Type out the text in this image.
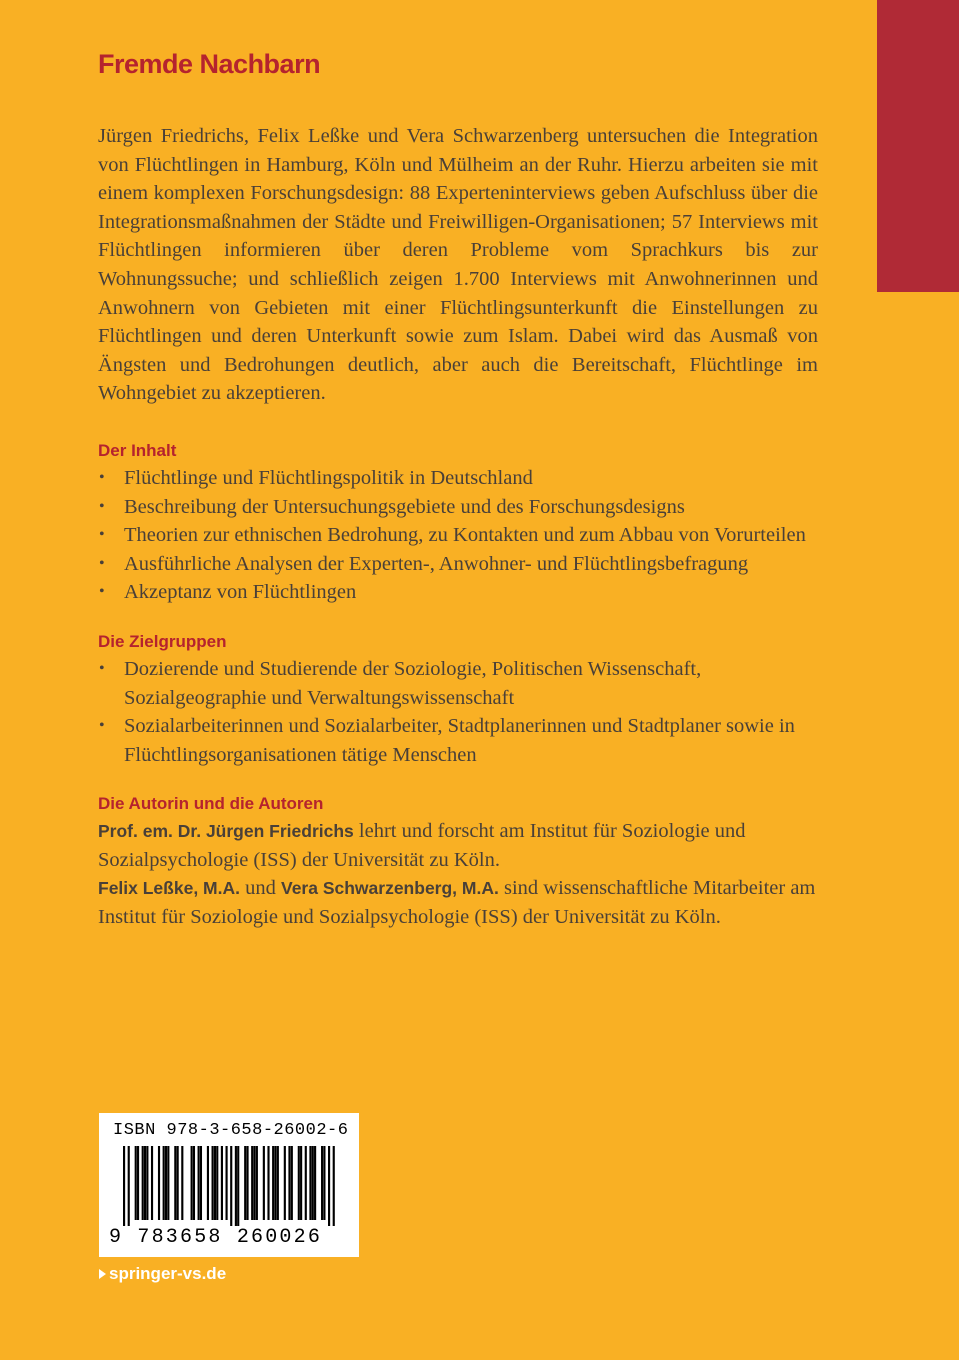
Fremde Nachbarn

Jürgen Friedrichs, Felix Leßke und Vera Schwarzenberg untersuchen die Integration von Flüchtlingen in Hamburg, Köln und Mülheim an der Ruhr. Hierzu arbeiten sie mit einem komplexen Forschungsdesign: 88 Experteninterviews geben Aufschluss über die Integrationsmaßnahmen der Städte und Freiwilligen-Organisationen; 57 Interviews mit Flüchtlingen informieren über deren Probleme vom Sprachkurs bis zur Wohnungssuche; und schließlich zeigen 1.700 Interviews mit Anwohnerinnen und Anwohnern von Gebieten mit einer Flüchtlingsunterkunft die Einstellungen zu Flüchtlingen und deren Unterkunft sowie zum Islam. Dabei wird das Ausmaß von Ängsten und Bedrohungen deutlich, aber auch die Bereitschaft, Flüchtlinge im Wohngebiet zu akzeptieren.

Der Inhalt
• Flüchtlinge und Flüchtlingspolitik in Deutschland
• Beschreibung der Untersuchungsgebiete und des Forschungsdesigns
• Theorien zur ethnischen Bedrohung, zu Kontakten und zum Abbau von Vorurteilen
• Ausführliche Analysen der Experten-, Anwohner- und Flüchtlingsbefragung
• Akzeptanz von Flüchtlingen
Die Zielgruppen
• Dozierende und Studierende der Soziologie, Politischen Wissenschaft, Sozialgeographie und Verwaltungswissenschaft
• Sozialarbeiterinnen und Sozialarbeiter, Stadtplanerinnen und Stadtplaner sowie in Flüchtlingsorganisationen tätige Menschen
Die Autorin und die Autoren

Prof. em. Dr. Jürgen Friedrichs lehrt und forscht am Institut für Soziologie und Sozialpsychologie (ISS) der Universität zu Köln.

Felix Leßke, M.A. und Vera Schwarzenberg, M.A. sind wissenschaftliche Mitarbeiter am Institut für Soziologie und Sozialpsychologie (ISS) der Universität zu Köln.

ISBN 978-3-658-26002-6
9 783658 260026
springer-vs.de
